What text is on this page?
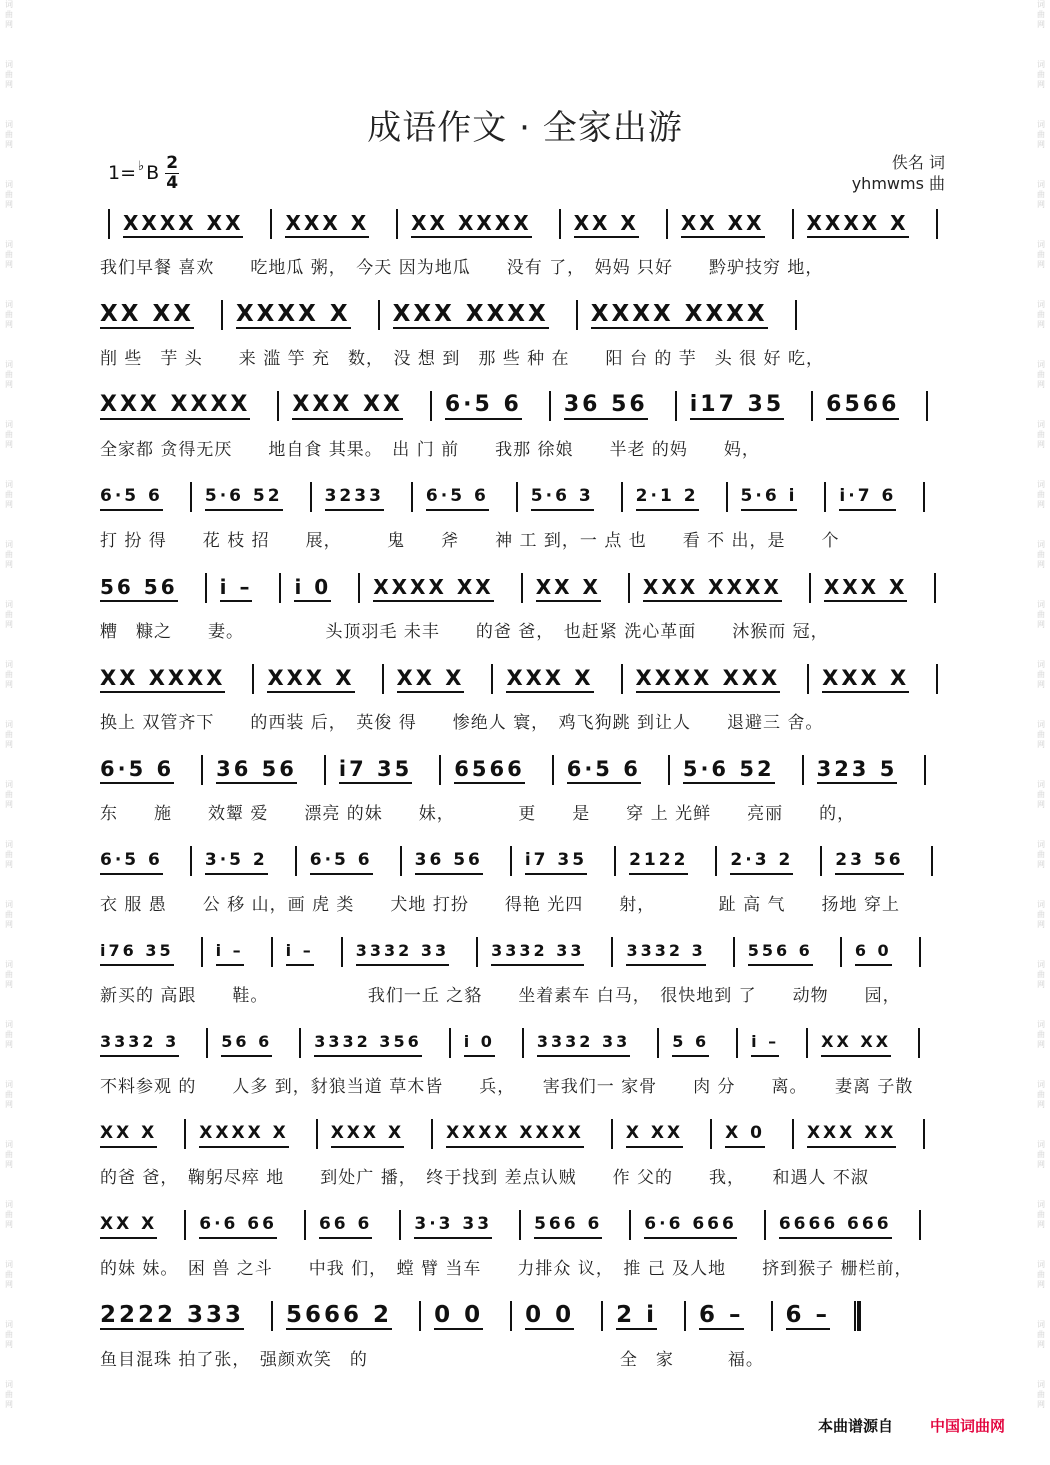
词曲网
词曲网
词曲网
词曲网
词曲网
词曲网
词曲网
词曲网
词曲网
词曲网
词曲网
词曲网
词曲网
词曲网
词曲网
词曲网
词曲网
词曲网
词曲网
词曲网
词曲网
词曲网
词曲网
词曲网
词曲网
词曲网
词曲网
词曲网
词曲网
词曲网
词曲网
词曲网
词曲网
词曲网
词曲网
词曲网
词曲网
词曲网
词曲网
词曲网
词曲网
词曲网
词曲网
词曲网
词曲网
词曲网
词曲网
词曲网
成语作文 · 全家出游
1= ♭ B $\frac{2}{4}$	佚名 词
yhmwms 曲
XXXX XX XXX X XX XXXX XX X XX XX XXXX X
我们早餐 喜欢　　吃地瓜 粥，　今天 因为地瓜　　没有 了，　妈妈 只好　　黔驴技穷 地，
XX XX XXXX X XXX XXXX XXXX XXXX
削 些　芋 头　　来 滥 竽 充　数，　没 想 到　那 些 种 在　　阳 台 的 芋　头 很 好 吃，
XXX XXXX XXX XX 6·5 6 36 56 i17 35 6566
全家都 贪得无厌　　地自食 其果。　出 门 前　　我那 徐娘　　半老 的妈　　妈，
6·5 6 5·6 52 3233 6·5 6 5·6 3 2·1 2 5·6 i i·7 6
打 扮 得　　花 枝 招　　展，　　　鬼　　斧　　神 工 到，一 点 也　　看 不 出，是　　个
56 56 i – i 0 XXXX XX XX X XXX XXXX XXX X
糟　糠之　　妻。　　　　　头顶羽毛 未丰　　的爸 爸，　也赶紧 洗心革面　　沐猴而 冠，
XX XXXX XXX X XX X XXX X XXXX XXX XXX X
换上 双管齐下　　的西装 后，　英俊 得　　惨绝人 寰，　鸡飞狗跳 到让人　　退避三 舍。
6·5 6 36 56 i7 35 6566 6·5 6 5·6 52 323 5
东　　施　　效颦 爱　　漂亮 的妹　　妹，　　　　更　　是　　穿 上 光鲜　　亮丽　　的，
6·5 6 3·5 2 6·5 6 36 56 i7 35 2122 2·3 2 23 56
衣 服 愚　　公 移 山，画 虎 类　　犬地 打扮　　得艳 光四　　射，　　　　趾 高 气　　扬地 穿上
i76 35	i –	i –	3332 33	3332 33	3332 3	556 6	6 0
新买的 高跟　　鞋。　　　　　　我们一丘 之貉　　坐着素车 白马，　很快地到 了　　动物　　园，
3332 3	56 6	3332 356	i 0	3332 33	5 6	i –	XX XX
不料参观 的　　人多 到，豺狼当道 草木皆　　兵，　　害我们一 家骨　　肉 分　　离。　　妻离 子散
XX X XXXX X XXX X XXXX XXXX X XX X 0 XXX XX
的爸 爸，　鞠躬尽瘁 地　　到处广 播，　终于找到 差点认贼　　作 父的　　我，　　和遇人 不淑
XX X 6·6 66 66 6 3·3 33 566 6 6·6 666 6666 666
的妹 妹。　困 兽 之斗　　中我 们，　螳 臂 当车　　力排众 议，　推 己 及人地　　挤到猴子 栅栏前，
2222 333 5666 2 0 0 0 0 2 i 6 – 6 –
鱼目混珠 拍了张，　强颜欢笑　的　　　　　　　　　　　　　　全　家　　　福。
本曲谱源自 中国词曲网
